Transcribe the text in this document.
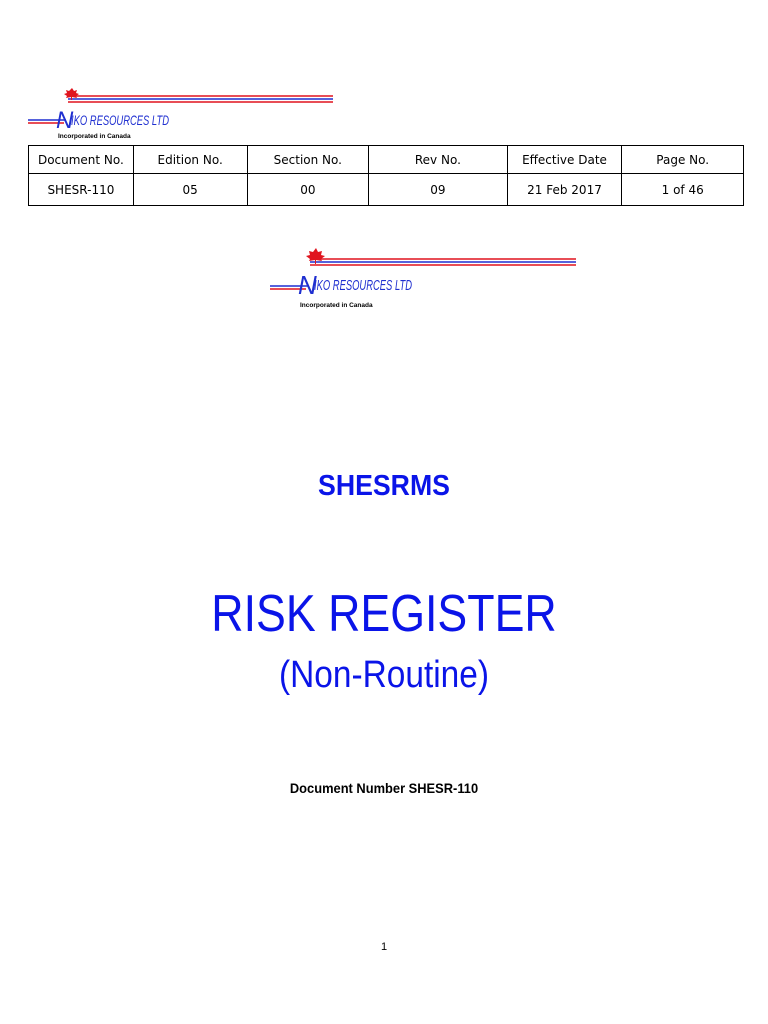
N
IKO RESOURCES LTD
Incorporated in Canada
Document No.	Edition No.	Section No.	Rev No.	Effective Date	Page No.
SHESR-110	05	00	09	21 Feb 2017	1 of 46
N
IKO RESOURCES LTD
Incorporated in Canada
SHESRMS
RISK REGISTER
(Non-Routine)
Document Number SHESR-110
1
